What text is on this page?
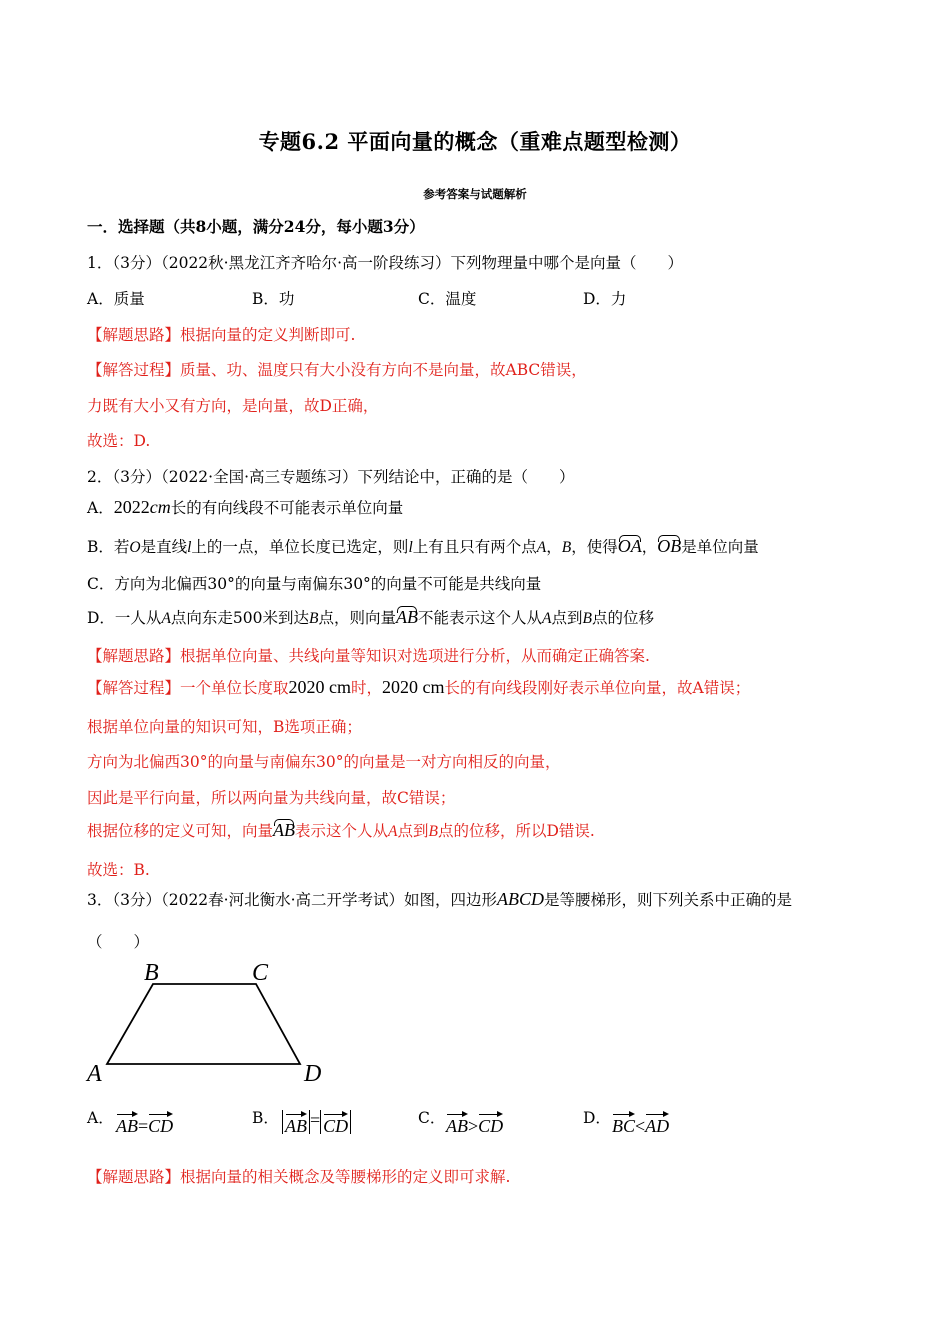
专题6.2 平面向量的概念（重难点题型检测）
参考答案与试题解析
一．选择题（共8小题，满分24分，每小题3分）
1．（3分）（2022秋·黑龙江齐齐哈尔·高一阶段练习）下列物理量中哪个是向量（　　）
A．质量	B．功	C．温度	D．力
【解题思路】根据向量的定义判断即可.
【解答过程】质量、功、温度只有大小没有方向不是向量，故ABC错误，
力既有大小又有方向，是向量，故D正确，
故选：D.
2．（3分）（2022·全国·高三专题练习）下列结论中，正确的是（　　）
A．2022cm长的有向线段不可能表示单位向量
B．若O是直线l上的一点，单位长度已选定，则l上有且只有两个点A，B，使得OA，OB是单位向量
C．方向为北偏西30°的向量与南偏东30°的向量不可能是共线向量
D．一人从A点向东走500米到达B点，则向量AB不能表示这个人从A点到B点的位移
【解题思路】根据单位向量、共线向量等知识对选项进行分析，从而确定正确答案.
【解答过程】一个单位长度取2020 cm时，2020 cm长的有向线段刚好表示单位向量，故A错误；
根据单位向量的知识可知，B选项正确；
方向为北偏西30°的向量与南偏东30°的向量是一对方向相反的向量，
因此是平行向量，所以两向量为共线向量，故C错误；
根据位移的定义可知，向量AB表示这个人从A点到B点的位移，所以D错误.
故选：B.
3．（3分）（2022春·河北衡水·高二开学考试）如图，四边形ABCD是等腰梯形，则下列关系中正确的是
（　　）
A
B	C
D
A． AB=CD	B． AB = CD	C． AB>CD	D． BC<AD
【解题思路】根据向量的相关概念及等腰梯形的定义即可求解.
